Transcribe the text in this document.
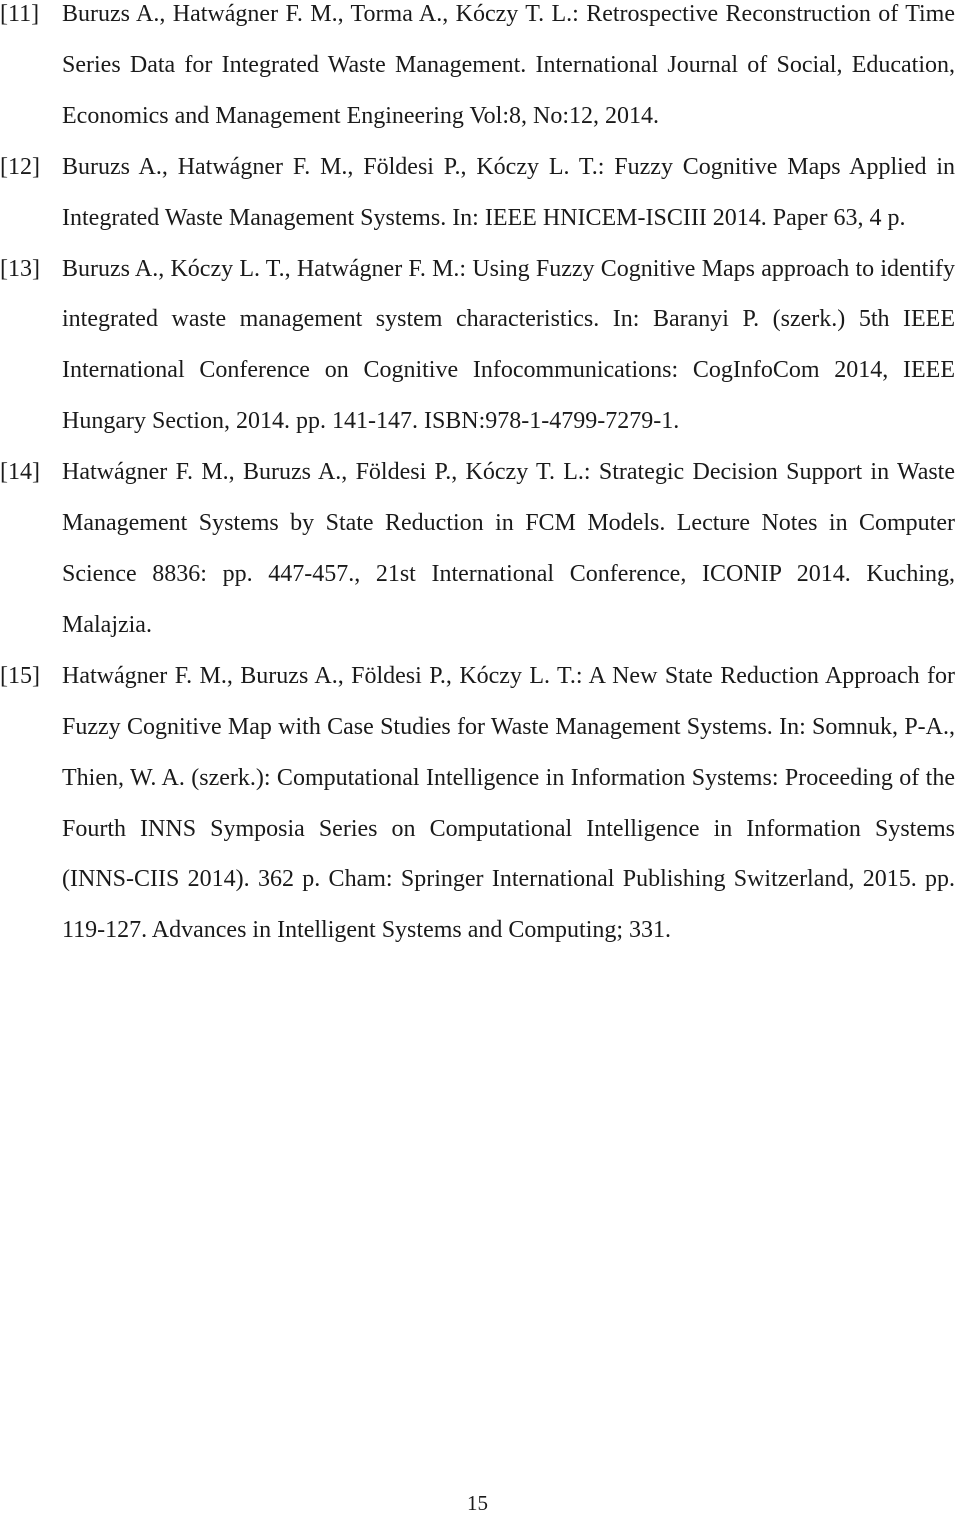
[11] Buruzs A., Hatwágner F. M., Torma A., Kóczy T. L.: Retrospective Reconstruction of Time Series Data for Integrated Waste Management. International Journal of Social, Education, Economics and Management Engineering Vol:8, No:12, 2014.
[12] Buruzs A., Hatwágner F. M., Földesi P., Kóczy L. T.: Fuzzy Cognitive Maps Applied in Integrated Waste Management Systems. In: IEEE HNICEM-ISCIII 2014. Paper 63, 4 p.
[13] Buruzs A., Kóczy L. T., Hatwágner F. M.: Using Fuzzy Cognitive Maps approach to identify integrated waste management system characteristics. In: Baranyi P. (szerk.) 5th IEEE International Conference on Cognitive Infocommunications: CogInfoCom 2014, IEEE Hungary Section, 2014. pp. 141-147. ISBN:978-1-4799-7279-1.
[14] Hatwágner F. M., Buruzs A., Földesi P., Kóczy T. L.: Strategic Decision Support in Waste Management Systems by State Reduction in FCM Models. Lecture Notes in Computer Science 8836: pp. 447-457., 21st International Conference, ICONIP 2014. Kuching, Malajzia.
[15] Hatwágner F. M., Buruzs A., Földesi P., Kóczy L. T.: A New State Reduction Approach for Fuzzy Cognitive Map with Case Studies for Waste Management Systems. In: Somnuk, P-A., Thien, W. A. (szerk.): Computational Intelligence in Information Systems: Proceeding of the Fourth INNS Symposia Series on Computational Intelligence in Information Systems (INNS-CIIS 2014). 362 p. Cham: Springer International Publishing Switzerland, 2015. pp. 119-127. Advances in Intelligent Systems and Computing; 331.
15
